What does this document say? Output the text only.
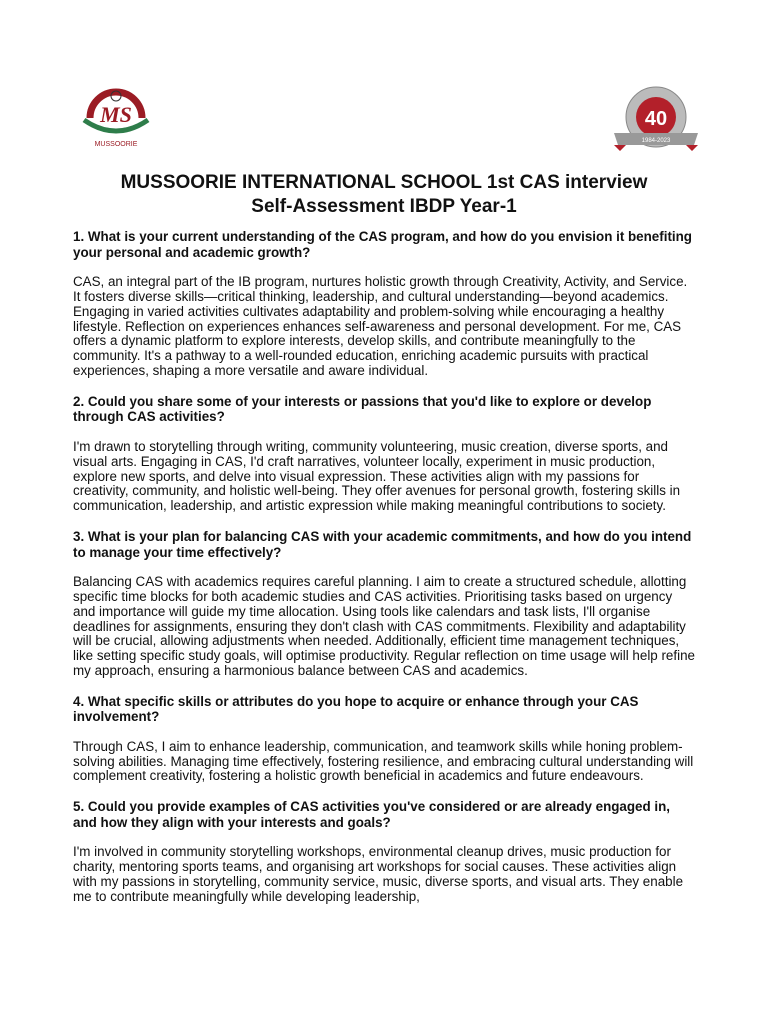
MS
MUSSOORIE
40
1984-2023
MUSSOORIE INTERNATIONAL SCHOOL 1st CAS interview
Self-Assessment IBDP Year-1

1. What is your current understanding of the CAS program, and how do you envision it benefiting your personal and academic growth?

CAS, an integral part of the IB program, nurtures holistic growth through Creativity, Activity, and Service. It fosters diverse skills—critical thinking, leadership, and cultural understanding—beyond academics. Engaging in varied activities cultivates adaptability and problem-solving while encouraging a healthy lifestyle. Reflection on experiences enhances self-awareness and personal development. For me, CAS offers a dynamic platform to explore interests, develop skills, and contribute meaningfully to the community. It's a pathway to a well-rounded education, enriching academic pursuits with practical experiences, shaping a more versatile and aware individual.

2. Could you share some of your interests or passions that you'd like to explore or develop through CAS activities?

I'm drawn to storytelling through writing, community volunteering, music creation, diverse sports, and visual arts. Engaging in CAS, I'd craft narratives, volunteer locally, experiment in music production, explore new sports, and delve into visual expression. These activities align with my passions for creativity, community, and holistic well-being. They offer avenues for personal growth, fostering skills in communication, leadership, and artistic expression while making meaningful contributions to society.

3. What is your plan for balancing CAS with your academic commitments, and how do you intend to manage your time effectively?

Balancing CAS with academics requires careful planning. I aim to create a structured schedule, allotting specific time blocks for both academic studies and CAS activities. Prioritising tasks based on urgency and importance will guide my time allocation. Using tools like calendars and task lists, I'll organise deadlines for assignments, ensuring they don't clash with CAS commitments. Flexibility and adaptability will be crucial, allowing adjustments when needed. Additionally, efficient time management techniques, like setting specific study goals, will optimise productivity. Regular reflection on time usage will help refine my approach, ensuring a harmonious balance between CAS and academics.

4. What specific skills or attributes do you hope to acquire or enhance through your CAS involvement?

Through CAS, I aim to enhance leadership, communication, and teamwork skills while honing problem-solving abilities. Managing time effectively, fostering resilience, and embracing cultural understanding will complement creativity, fostering a holistic growth beneficial in academics and future endeavours.

5. Could you provide examples of CAS activities you've considered or are already engaged in, and how they align with your interests and goals?

I'm involved in community storytelling workshops, environmental cleanup drives, music production for charity, mentoring sports teams, and organising art workshops for social causes. These activities align with my passions in storytelling, community service, music, diverse sports, and visual arts. They enable me to contribute meaningfully while developing leadership,
